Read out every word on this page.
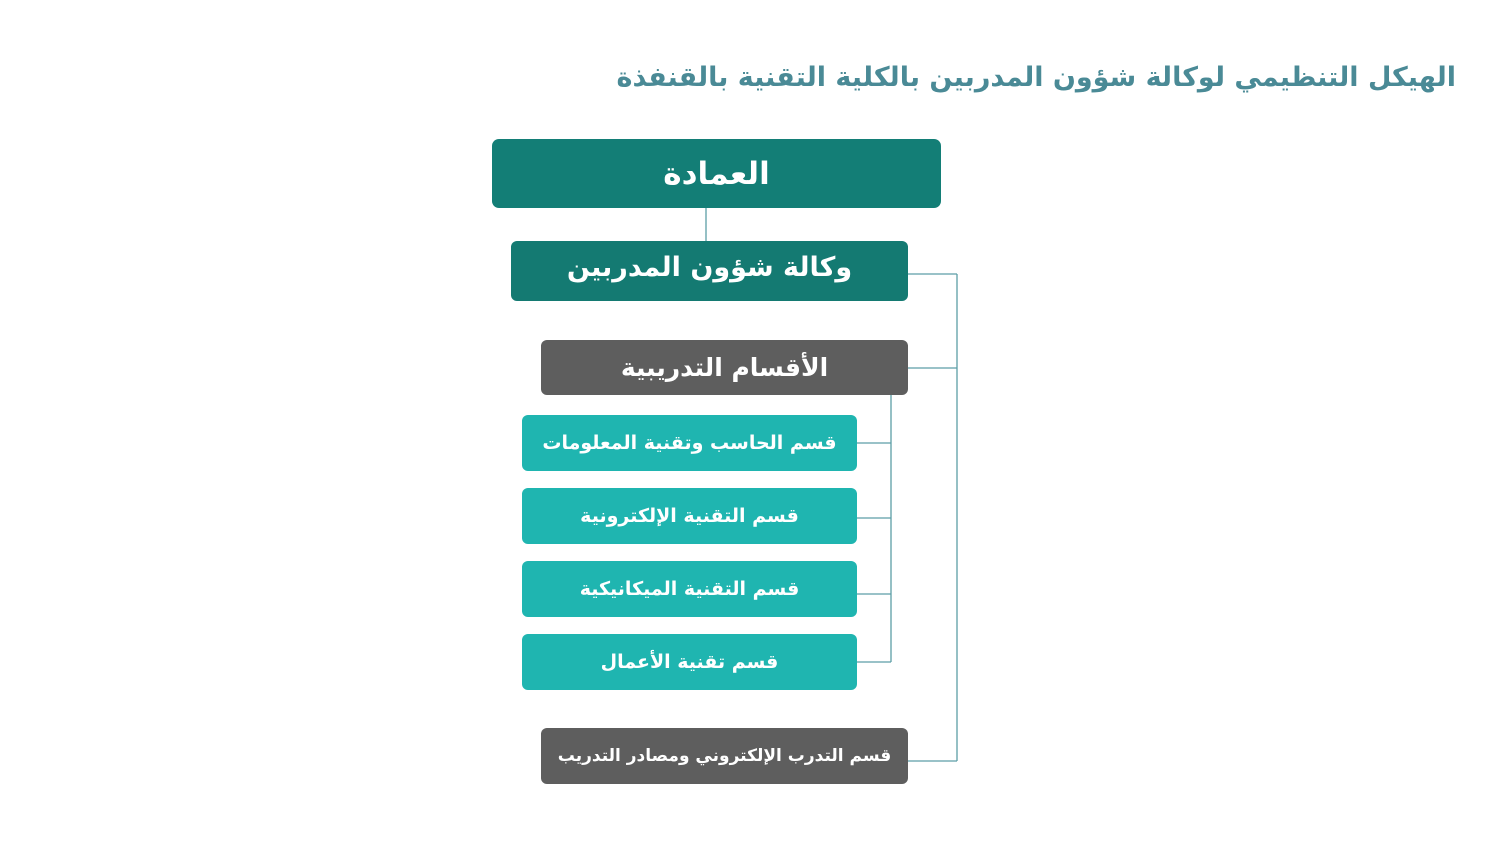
الهيكل التنظيمي لوكالة شؤون المدربين بالكلية التقنية بالقنفذة
العمادة
وكالة شؤون المدربين
الأقسام التدريبية
قسم الحاسب وتقنية المعلومات
قسم التقنية الإلكترونية
قسم التقنية الميكانيكية
قسم تقنية الأعمال
قسم التدرب الإلكتروني ومصادر التدريب
